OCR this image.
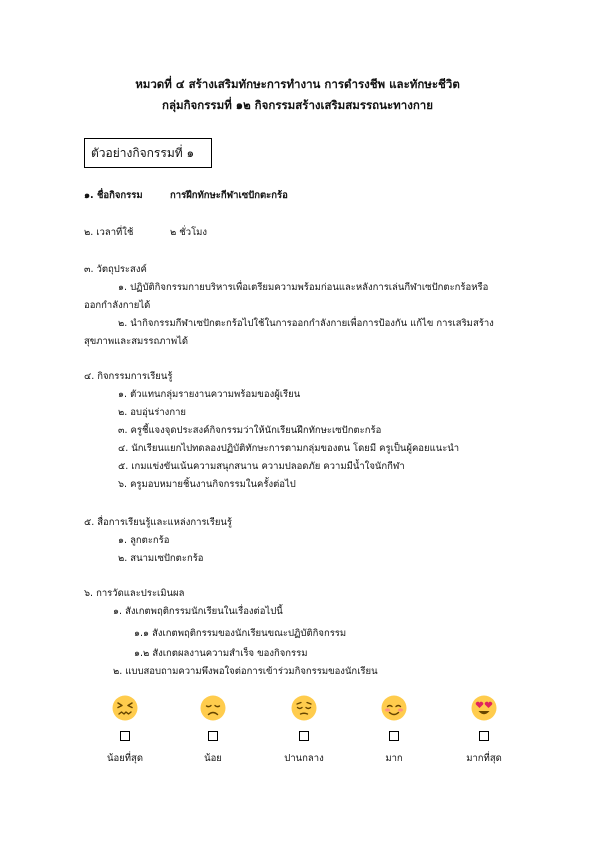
หมวดที่ ๔ สร้างเสริมทักษะการทำงาน การดำรงชีพ และทักษะชีวิต
กลุ่มกิจกรรมที่ ๑๒ กิจกรรมสร้างเสริมสมรรถนะทางกาย
ตัวอย่างกิจกรรมที่ ๑
๑. ชื่อกิจกรรม	การฝึกทักษะกีฬาเซปักตะกร้อ
๒. เวลาที่ใช้	๒ ชั่วโมง
๓. วัตถุประสงค์
๑. ปฏิบัติกิจกรรมกายบริหารเพื่อเตรียมความพร้อมก่อนและหลังการเล่นกีฬาเซปักตะกร้อหรือ
ออกกำลังกายได้
๒. นำกิจกรรมกีฬาเซปักตะกร้อไปใช้ในการออกกำลังกายเพื่อการป้องกัน แก้ไข การเสริมสร้าง
สุขภาพและสมรรถภาพได้
๔. กิจกรรมการเรียนรู้
๑. ตัวแทนกลุ่มรายงานความพร้อมของผู้เรียน
๒. อบอุ่นร่างกาย
๓. ครูชี้แจงจุดประสงค์กิจกรรมว่าให้นักเรียนฝึกทักษะเซปักตะกร้อ
๔. นักเรียนแยกไปทดลองปฏิบัติทักษะการตามกลุ่มของตน โดยมี ครูเป็นผู้คอยแนะนำ
๕. เกมแข่งขันเน้นความสนุกสนาน ความปลอดภัย ความมีน้ำใจนักกีฬา
๖. ครูมอบหมายชิ้นงานกิจกรรมในครั้งต่อไป
๕. สื่อการเรียนรู้และแหล่งการเรียนรู้
๑. ลูกตะกร้อ
๒. สนามเซปักตะกร้อ
๖. การวัดและประเมินผล
๑. สังเกตพฤติกรรมนักเรียนในเรื่องต่อไปนี้
๑.๑ สังเกตพฤติกรรมของนักเรียนขณะปฏิบัติกิจกรรม
๑.๒ สังเกตผลงานความสำเร็จ ของกิจกรรม
๒. แบบสอบถามความพึงพอใจต่อการเข้าร่วมกิจกรรมของนักเรียน
น้อยที่สุด	น้อย	ปานกลาง	มาก	มากที่สุด
